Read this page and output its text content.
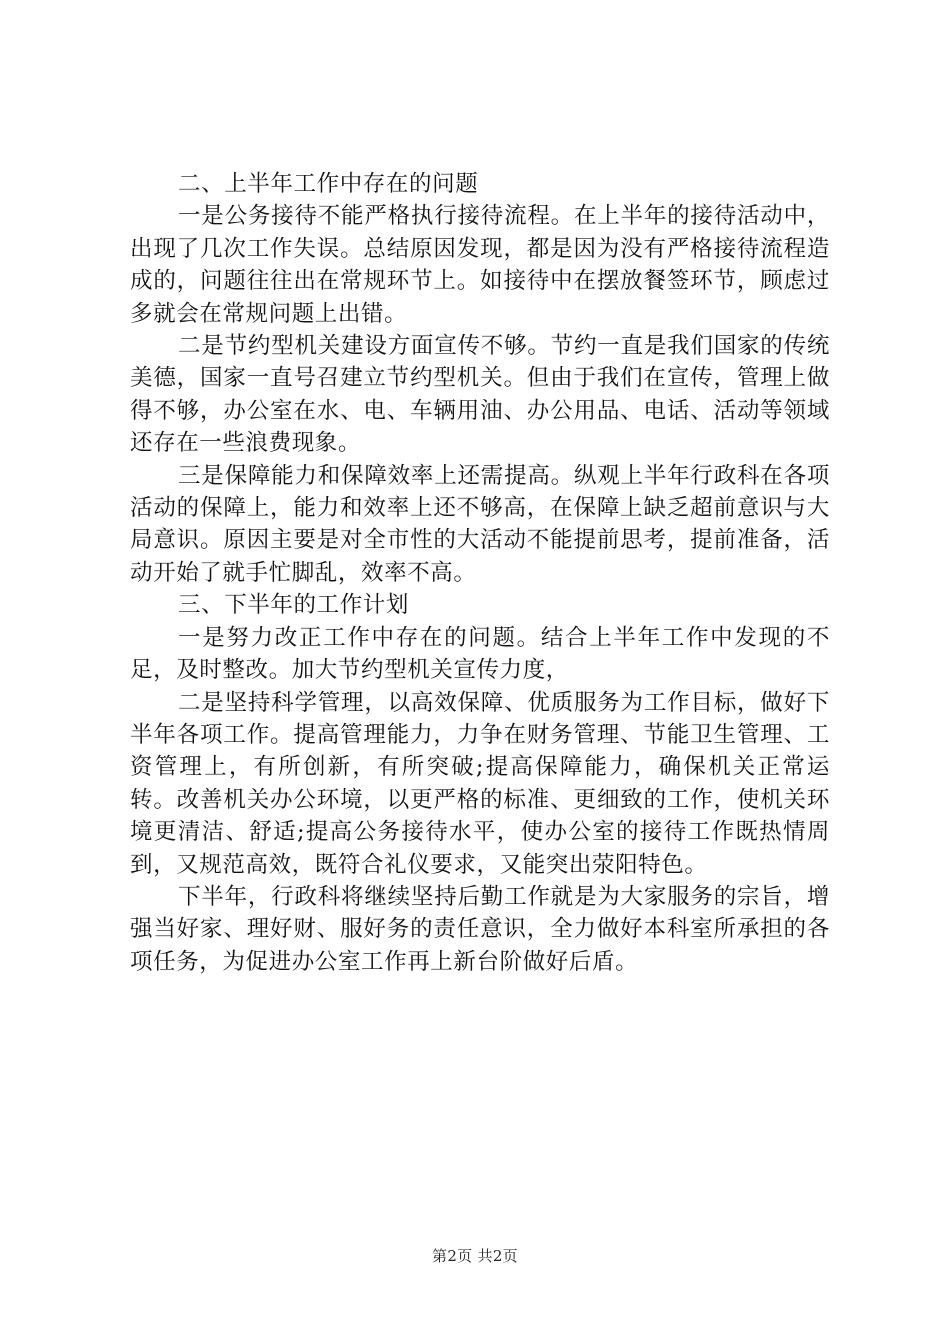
二、上半年工作中存在的问题

一是公务接待不能严格执行接待流程。在上半年的接待活动中，出现了几次工作失误。总结原因发现，都是因为没有严格接待流程造成的，问题往往出在常规环节上。如接待中在摆放餐签环节，顾虑过多就会在常规问题上出错。

二是节约型机关建设方面宣传不够。节约一直是我们国家的传统美德，国家一直号召建立节约型机关。但由于我们在宣传，管理上做得不够，办公室在水、电、车辆用油、办公用品、电话、活动等领域还存在一些浪费现象。

三是保障能力和保障效率上还需提高。纵观上半年行政科在各项活动的保障上，能力和效率上还不够高，在保障上缺乏超前意识与大局意识。原因主要是对全市性的大活动不能提前思考，提前准备，活动开始了就手忙脚乱，效率不高。

三、下半年的工作计划

一是努力改正工作中存在的问题。结合上半年工作中发现的不足，及时整改。加大节约型机关宣传力度，

二是坚持科学管理，以高效保障、优质服务为工作目标，做好下半年各项工作。提高管理能力，力争在财务管理、节能卫生管理、工资管理上，有所创新，有所突破;提高保障能力，确保机关正常运转。改善机关办公环境，以更严格的标准、更细致的工作，使机关环境更清洁、舒适;提高公务接待水平，使办公室的接待工作既热情周到，又规范高效，既符合礼仪要求，又能突出荥阳特色。

下半年，行政科将继续坚持后勤工作就是为大家服务的宗旨，增强当好家、理好财、服好务的责任意识，全力做好本科室所承担的各项任务，为促进办公室工作再上新台阶做好后盾。

第2页 共2页
